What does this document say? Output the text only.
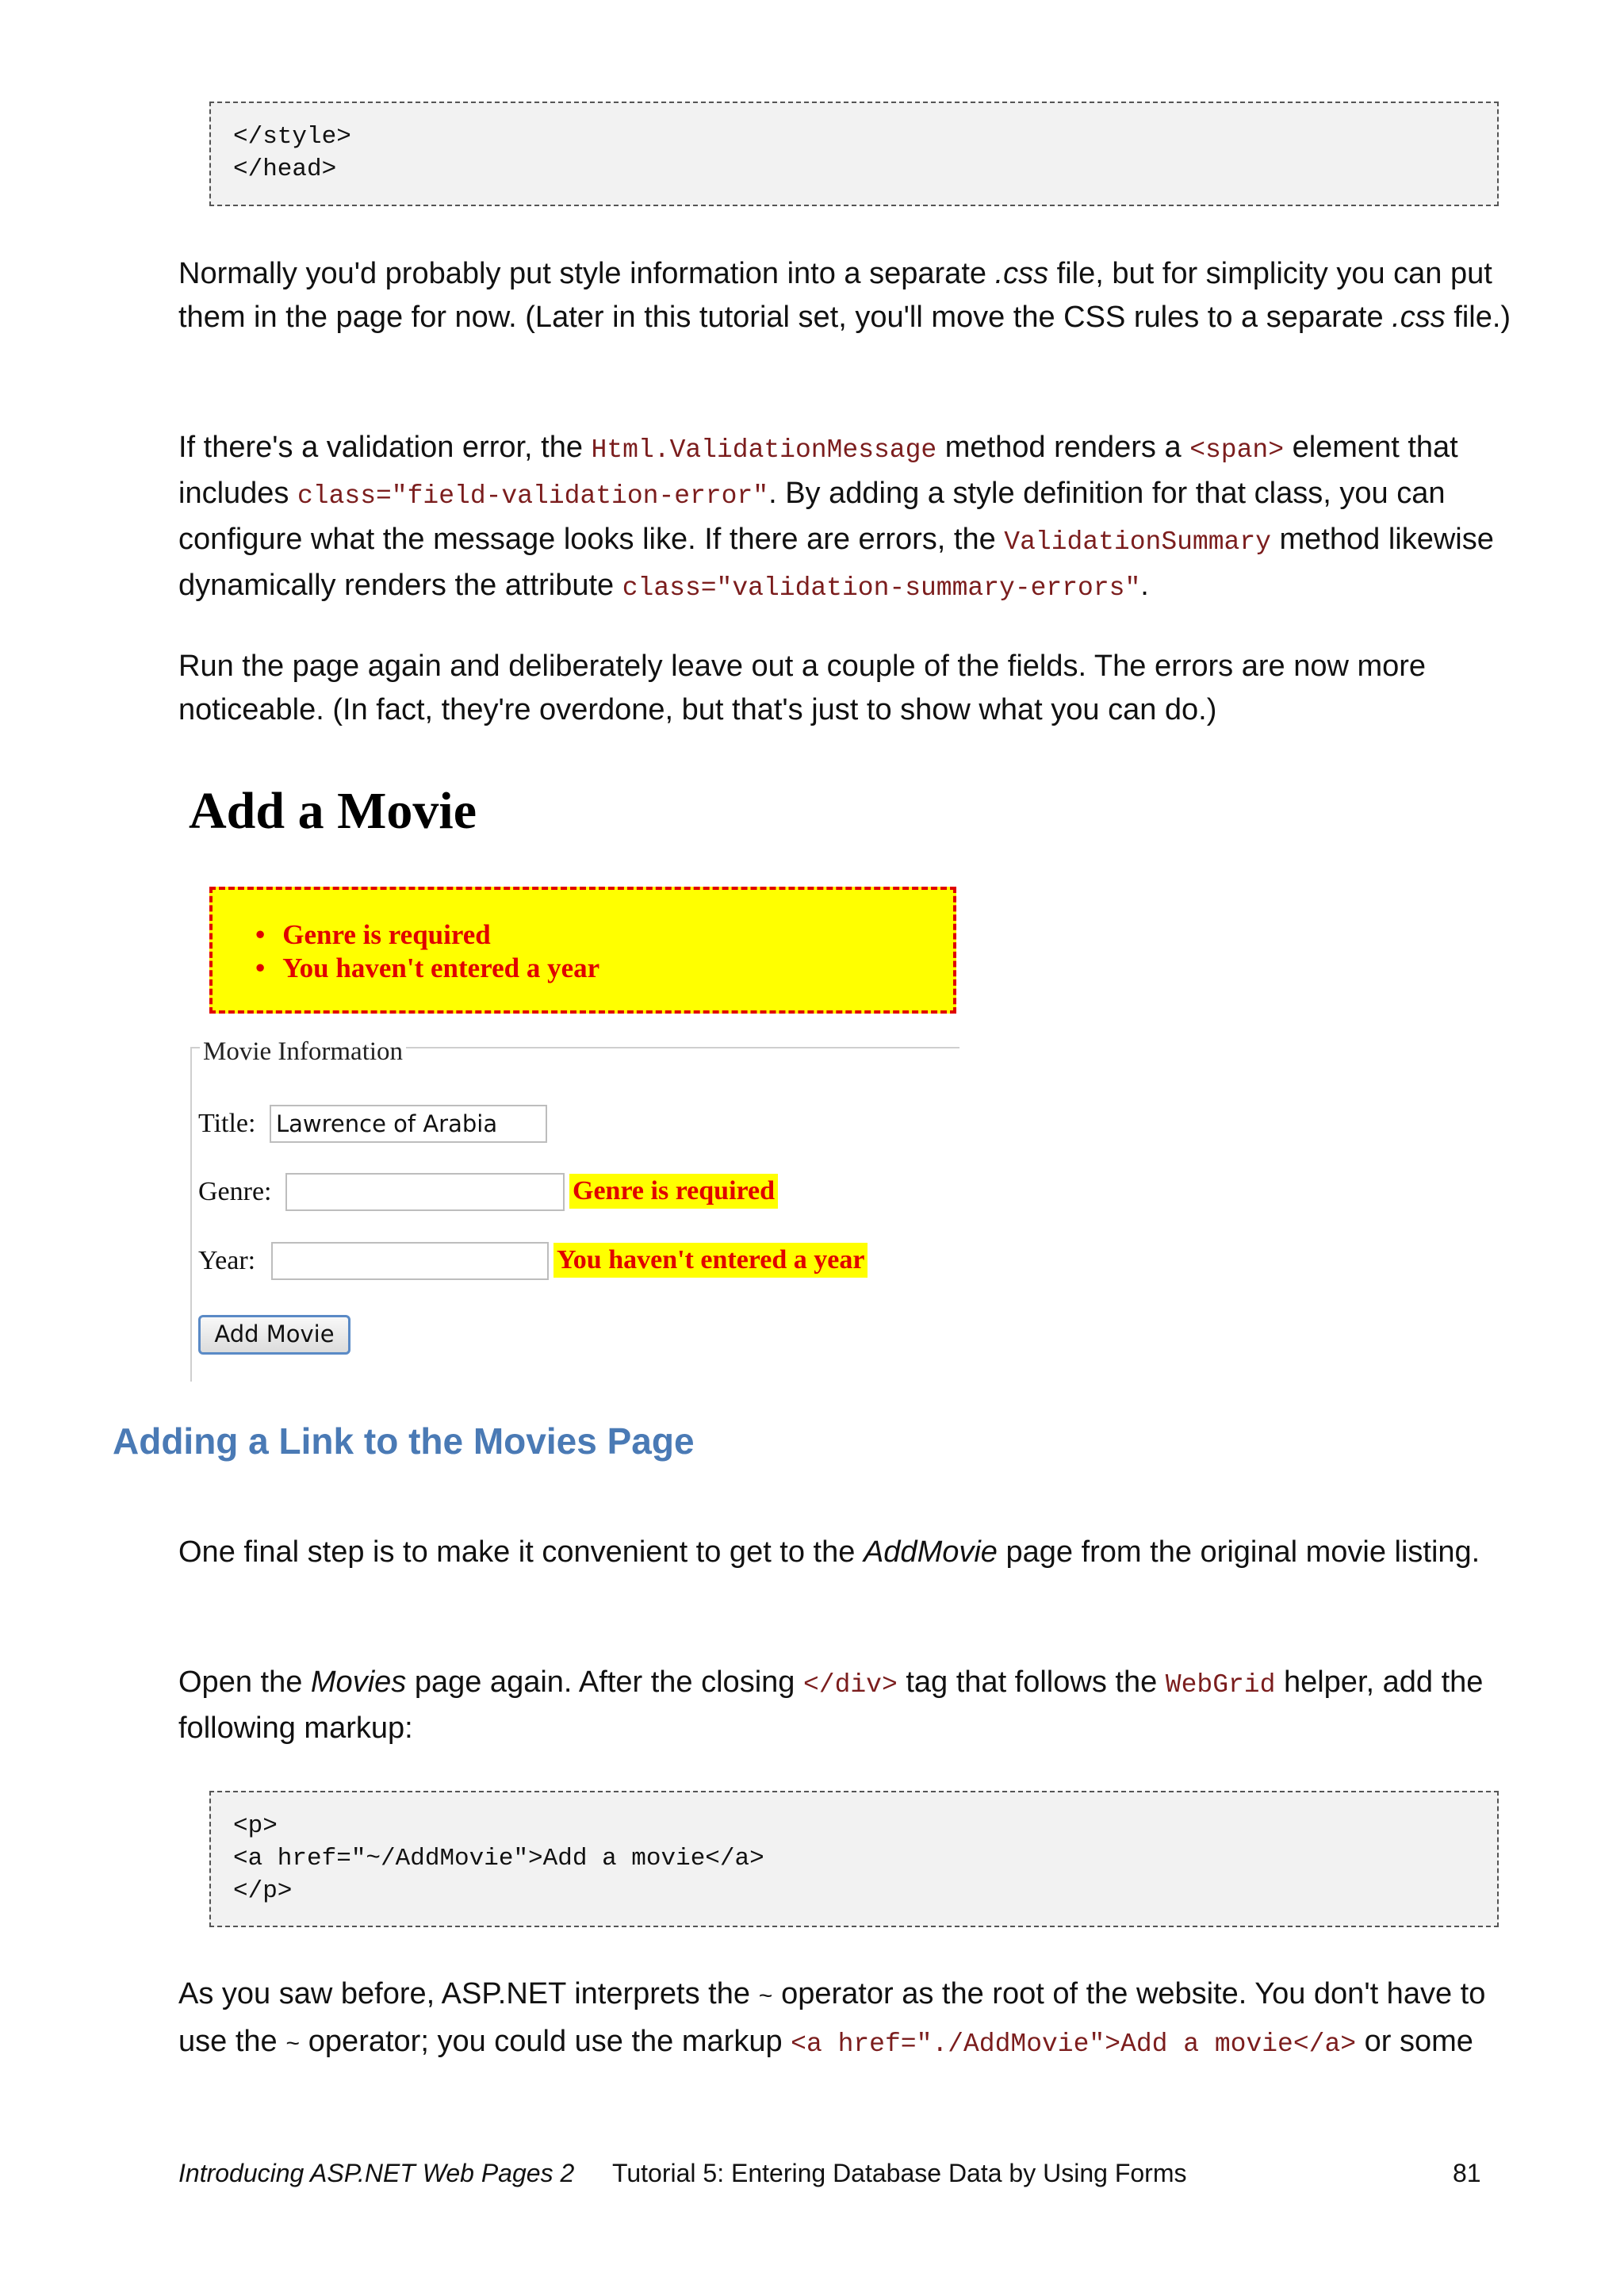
</style>
</head>

Normally you'd probably put style information into a separate .css file, but for simplicity you can put them in the page for now. (Later in this tutorial set, you'll move the CSS rules to a separate .css file.)

If there's a validation error, the Html.ValidationMessage method renders a <span> element that includes class="field-validation-error". By adding a style definition for that class, you can configure what the message looks like. If there are errors, the ValidationSummary method likewise dynamically renders the attribute class="validation-summary-errors".

Run the page again and deliberately leave out a couple of the fields. The errors are now more noticeable. (In fact, they're overdone, but that's just to show what you can do.)

Add a Movie
• Genre is required
• You haven't entered a year
Movie Information
Title: Lawrence of Arabia
Genre:	Genre is required
Year:	You haven't entered a year
Add Movie
Adding a Link to the Movies Page

One final step is to make it convenient to get to the AddMovie page from the original movie listing.

Open the Movies page again. After the closing </div> tag that follows the WebGrid helper, add the following markup:

<p>
<a href="~/AddMovie">Add a movie</a>
</p>

As you saw before, ASP.NET interprets the ~ operator as the root of the website. You don't have to use the ~ operator; you could use the markup <a href="./AddMovie">Add a movie</a> or some

Introducing ASP.NET Web Pages 2 Tutorial 5: Entering Database Data by Using Forms	81
